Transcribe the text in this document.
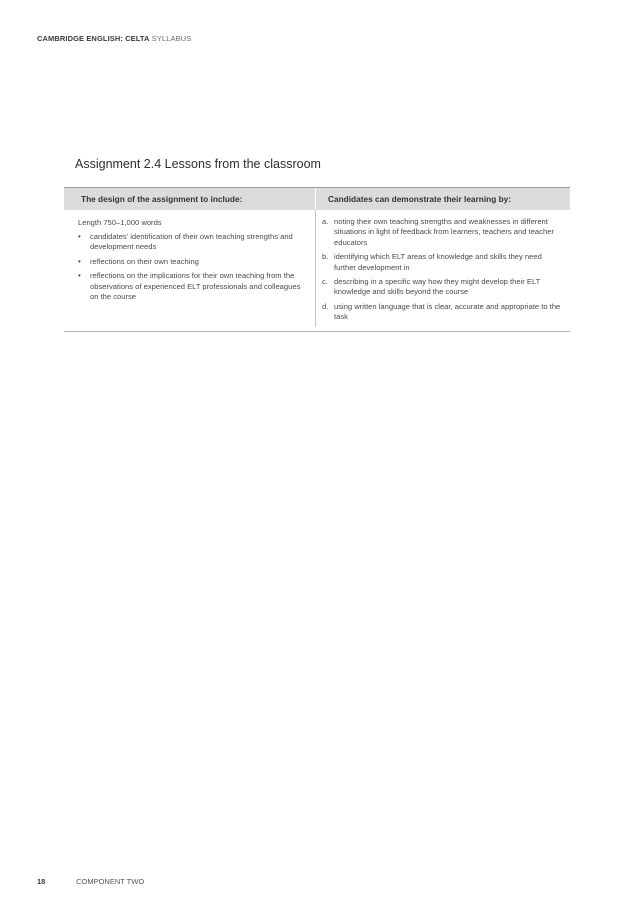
CAMBRIDGE ENGLISH: CELTA SYLLABUS
Assignment 2.4 Lessons from the classroom
The design of the assignment to include:	Candidates can demonstrate their learning by:

Length 750–1,000 words

• candidates’ identification of their own teaching strengths and development needs
• reflections on their own teaching
• reflections on the implications for their own teaching from the observations of experienced ELT professionals and colleagues on the course
a. noting their own teaching strengths and weaknesses in different situations in light of feedback from learners, teachers and teacher educators
b. identifying which ELT areas of knowledge and skills they need further development in
c. describing in a specific way how they might develop their ELT knowledge and skills beyond the course
d. using written language that is clear, accurate and appropriate to the task
18	COMPONENT TWO
